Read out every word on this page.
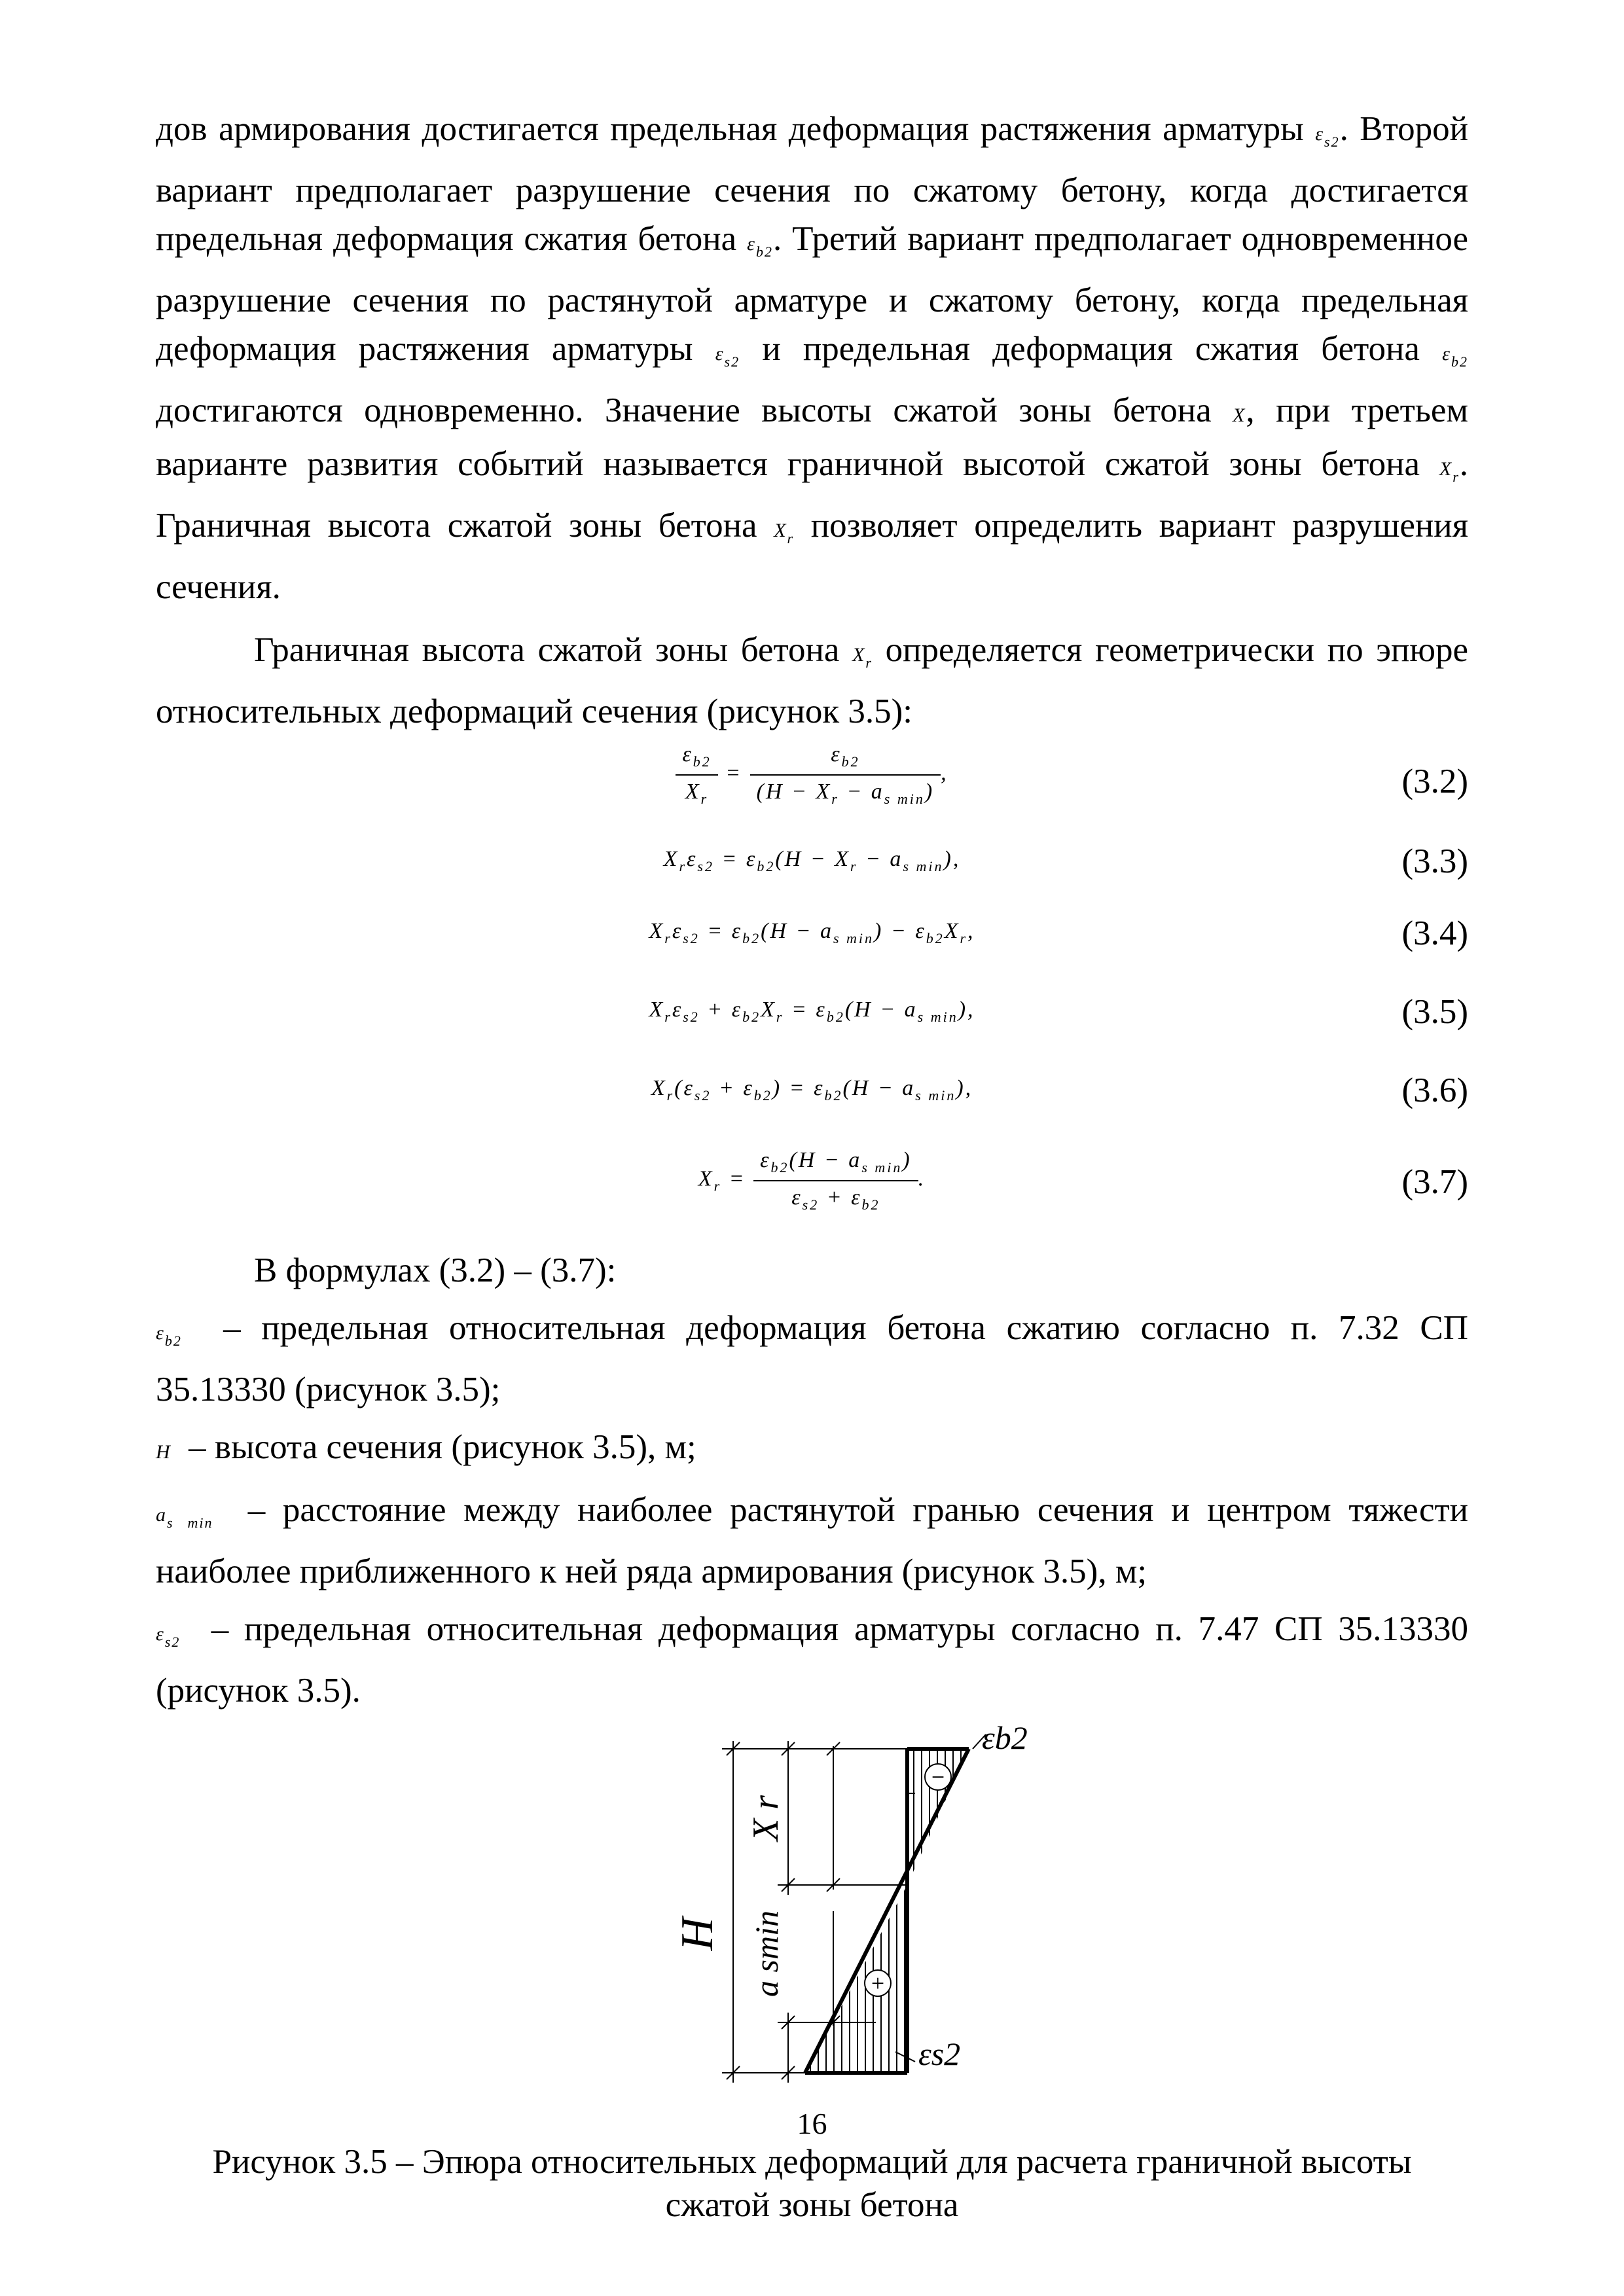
дов армирования достигается предельная деформация растяжения арматуры $\varepsilon_{s2}$. Второй вариант предполагает разрушение сечения по сжатому бетону, когда достигается предельная деформация сжатия бетона $\varepsilon_{b2}$. Третий вариант предполагает одновременное разрушение сечения по растянутой арматуре и сжатому бетону, когда предельная деформация растяжения арматуры $\varepsilon_{s2}$ и предельная деформация сжатия бетона $\varepsilon_{b2}$ достигаются одновременно. Значение высоты сжатой зоны бетона X, при третьем варианте развития событий называется граничной высотой сжатой зоны бетона $X_r$. Граничная высота сжатой зоны бетона $X_r$ позволяет определить вариант разрушения сечения.

Граничная высота сжатой зоны бетона $X_r$ определяется геометрически по эпюре относительных деформаций сечения (рисунок 3.5):

$\frac{\varepsilon_{b2}}{X_r} = \frac{\varepsilon_{b2}}{(H - X_r - a_{s min})}$ ,	(3.2)
$X_r\varepsilon_{s2} = \varepsilon_{b2}(H - X_r - a_{s min})$,	(3.3)
$X_r\varepsilon_{s2} = \varepsilon_{b2}(H - a_{s min}) - \varepsilon_{b2}X_r$,	(3.4)
$X_r\varepsilon_{s2} + \varepsilon_{b2}X_r = \varepsilon_{b2}(H - a_{s min})$,	(3.5)
$X_r(\varepsilon_{s2} + \varepsilon_{b2}) = \varepsilon_{b2}(H - a_{s min})$,	(3.6)
$X_r = \frac{\varepsilon_{b2}(H - a_{s min})}{\varepsilon_{s2} + \varepsilon_{b2}}$ .	(3.7)

В формулах (3.2) – (3.7):

$\varepsilon_{b2}$ – предельная относительная деформация бетона сжатию согласно п. 7.32 СП 35.13330 (рисунок 3.5);

H – высота сечения (рисунок 3.5), м;

$a_{s min}$ – расстояние между наиболее растянутой гранью сечения и центром тяжести наиболее приближенного к ней ряда армирования (рисунок 3.5), м;

$\varepsilon_{s2}$ – предельная относительная деформация арматуры согласно п. 7.47 СП 35.13330 (рисунок 3.5).

−
+
εb2
εs2
H
X r
a smin
Рисунок 3.5 – Эпюра относительных деформаций для расчета граничной высоты
сжатой зоны бетона
16
